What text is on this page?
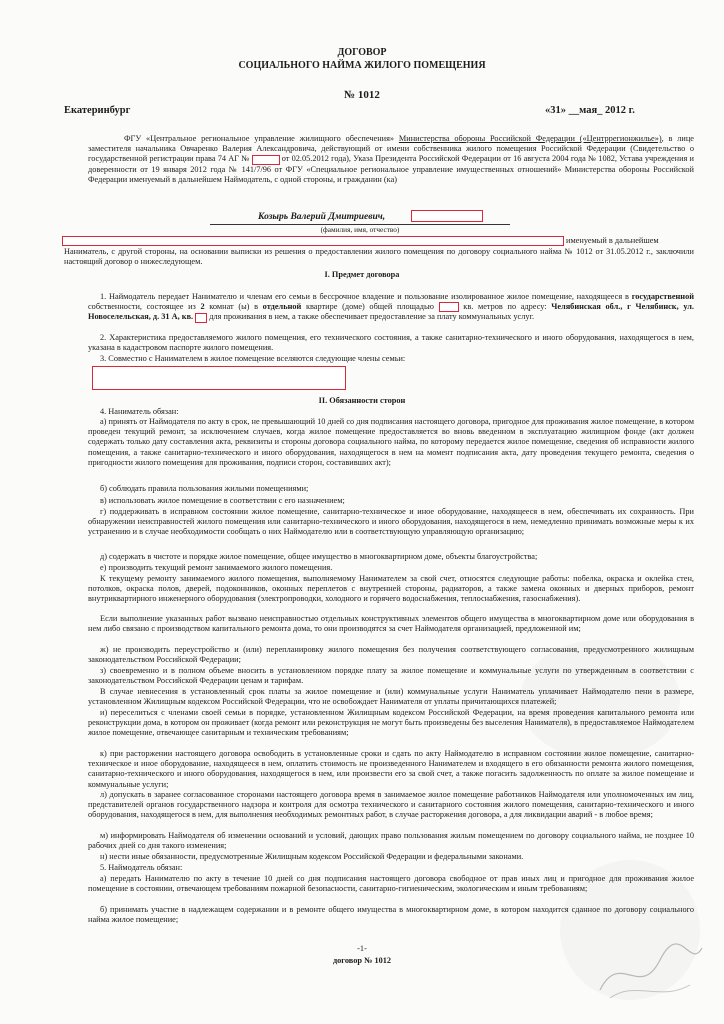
ДОГОВОР
СОЦИАЛЬНОГО НАЙМА ЖИЛОГО ПОМЕЩЕНИЯ
№ 1012
Екатеринбург	«31» __мая_ 2012 г.
ФГУ «Центральное региональное управление жилищного обеспечения» Министерства обороны Российской Федерации («Центррегионжилье»), в лице заместителя начальника Овчаренко Валерия Александровича, действующий от имени собственника жилого помещения Российской Федерации (Свидетельство о государственной регистрации права 74 АГ №	от 02.05.2012 года), Указа Президента Российской Федерации от 16 августа 2004 года № 1082, Устава учреждения и доверенности от 19 января 2012 года № 141/7/96 от ФГУ «Специальное региональное управление имущественных отношений» Министерства обороны Российской Федерации именуемый в дальнейшем Наймодатель, с одной стороны, и гражданин (ка)
Козырь Валерий Дмитриевич,
(фамилия, имя, отчество)
именуемый в дальнейшем
Наниматель, с другой стороны, на основании выписки из решения о предоставлении жилого помещения по договору социального найма № 1012 от 31.05.2012 г., заключили настоящий договор о нижеследующем.
I. Предмет договора
1. Наймодатель передает Нанимателю и членам его семьи в бессрочное владение и пользование изолированное жилое помещение, находящееся в государственной собственности, состоящее из 2 комнат (ы) в отдельной квартире (доме) общей площадью  кв. метров по адресу: Челябинская обл., г Челябинск, ул. Новоселельская, д. 31 А, кв.  для проживания в нем, а также обеспечивает предоставление за плату коммунальных услуг.
2. Характеристика предоставляемого жилого помещения, его технического состояния, а также санитарно-технического и иного оборудования, находящегося в нем, указана в кадастровом паспорте жилого помещения.
3. Совместно с Нанимателем в жилое помещение вселяются следующие члены семьи:
II. Обязанности сторон
4. Наниматель обязан:
а) принять от Наймодателя по акту в срок, не превышающий 10 дней со дня подписания настоящего договора, пригодное для проживания жилое помещение, в котором проведен текущий ремонт, за исключением случаев, когда жилое помещение предоставляется во вновь введенном в эксплуатацию жилищном фонде (акт должен содержать только дату составления акта, реквизиты и стороны договора социального найма, по которому передается жилое помещение, сведения об исправности жилого помещения, а также санитарно-технического и иного оборудования, находящегося в нем на момент подписания акта, дату проведения текущего ремонта, сведения о пригодности жилого помещения для проживания, подписи сторон, составивших акт);
б) соблюдать правила пользования жилыми помещениями;
в) использовать жилое помещение в соответствии с его назначением;
г) поддерживать в исправном состоянии жилое помещение, санитарно-техническое и иное оборудование, находящееся в нем, обеспечивать их сохранность. При обнаружении неисправностей жилого помещения или санитарно-технического и иного оборудования, находящегося в нем, немедленно принимать возможные меры к их устранению и в случае необходимости сообщать о них Наймодателю или в соответствующую управляющую организацию;
д) содержать в чистоте и порядке жилое помещение, общее имущество в многоквартирном доме, объекты благоустройства;
е) производить текущий ремонт занимаемого жилого помещения.
К текущему ремонту занимаемого жилого помещения, выполняемому Нанимателем за свой счет, относятся следующие работы: побелка, окраска и оклейка стен, потолков, окраска полов, дверей, подоконников, оконных переплетов с внутренней стороны, радиаторов, а также замена оконных и дверных приборов, ремонт внутриквартирного инженерного оборудования (электропроводки, холодного и горячего водоснабжения, теплоснабжения, газоснабжения).
Если выполнение указанных работ вызвано неисправностью отдельных конструктивных элементов общего имущества в многоквартирном доме или оборудования в нем либо связано с производством капитального ремонта дома, то они производятся за счет Наймодателя организацией, предложенной им;
ж) не производить переустройство и (или) перепланировку жилого помещения без получения соответствующего согласования, предусмотренного жилищным законодательством Российской Федерации;
з) своевременно и в полном объеме вносить в установленном порядке плату за жилое помещение и коммунальные услуги по утвержденным в соответствии с законодательством Российской Федерации ценам и тарифам.
В случае невнесения в установленный срок платы за жилое помещение и (или) коммунальные услуги Наниматель уплачивает Наймодателю пени в размере, установленном Жилищным кодексом Российской Федерации, что не освобождает Нанимателя от уплаты причитающихся платежей;
и) переселиться с членами своей семьи в порядке, установленном Жилищным кодексом Российской Федерации, на время проведения капитального ремонта или реконструкции дома, в котором он проживает (когда ремонт или реконструкция не могут быть произведены без выселения Нанимателя), в предоставляемое Наймодателем жилое помещение, отвечающее санитарным и техническим требованиям;
к) при расторжении настоящего договора освободить в установленные сроки и сдать по акту Наймодателю в исправном состоянии жилое помещение, санитарно-техническое и иное оборудование, находящееся в нем, оплатить стоимость не произведенного Нанимателем и входящего в его обязанности ремонта жилого помещения, санитарно-технического и иного оборудования, находящегося в нем, или произвести его за свой счет, а также погасить задолженность по оплате за жилое помещение и коммунальные услуги;
л) допускать в заранее согласованное сторонами настоящего договора время в занимаемое жилое помещение работников Наймодателя или уполномоченных им лиц, представителей органов государственного надзора и контроля для осмотра технического и санитарного состояния жилого помещения, санитарно-технического и иного оборудования, находящегося в нем, для выполнения необходимых ремонтных работ, в случае расторжения договора, а для ликвидации аварий - в любое время;
м) информировать Наймодателя об изменении оснований и условий, дающих право пользования жилым помещением по договору социального найма, не позднее 10 рабочих дней со дня такого изменения;
н) нести иные обязанности, предусмотренные Жилищным кодексом Российской Федерации и федеральными законами.
5. Наймодатель обязан:
а) передать Нанимателю по акту в течение 10 дней со дня подписания настоящего договора свободное от прав иных лиц и пригодное для проживания жилое помещение в состоянии, отвечающем требованиям пожарной безопасности, санитарно-гигиеническим, экологическим и иным требованиям;
б) принимать участие в надлежащем содержании и в ремонте общего имущества в многоквартирном доме, в котором находится сданное по договору социального найма жилое помещение;
-1-
договор № 1012
